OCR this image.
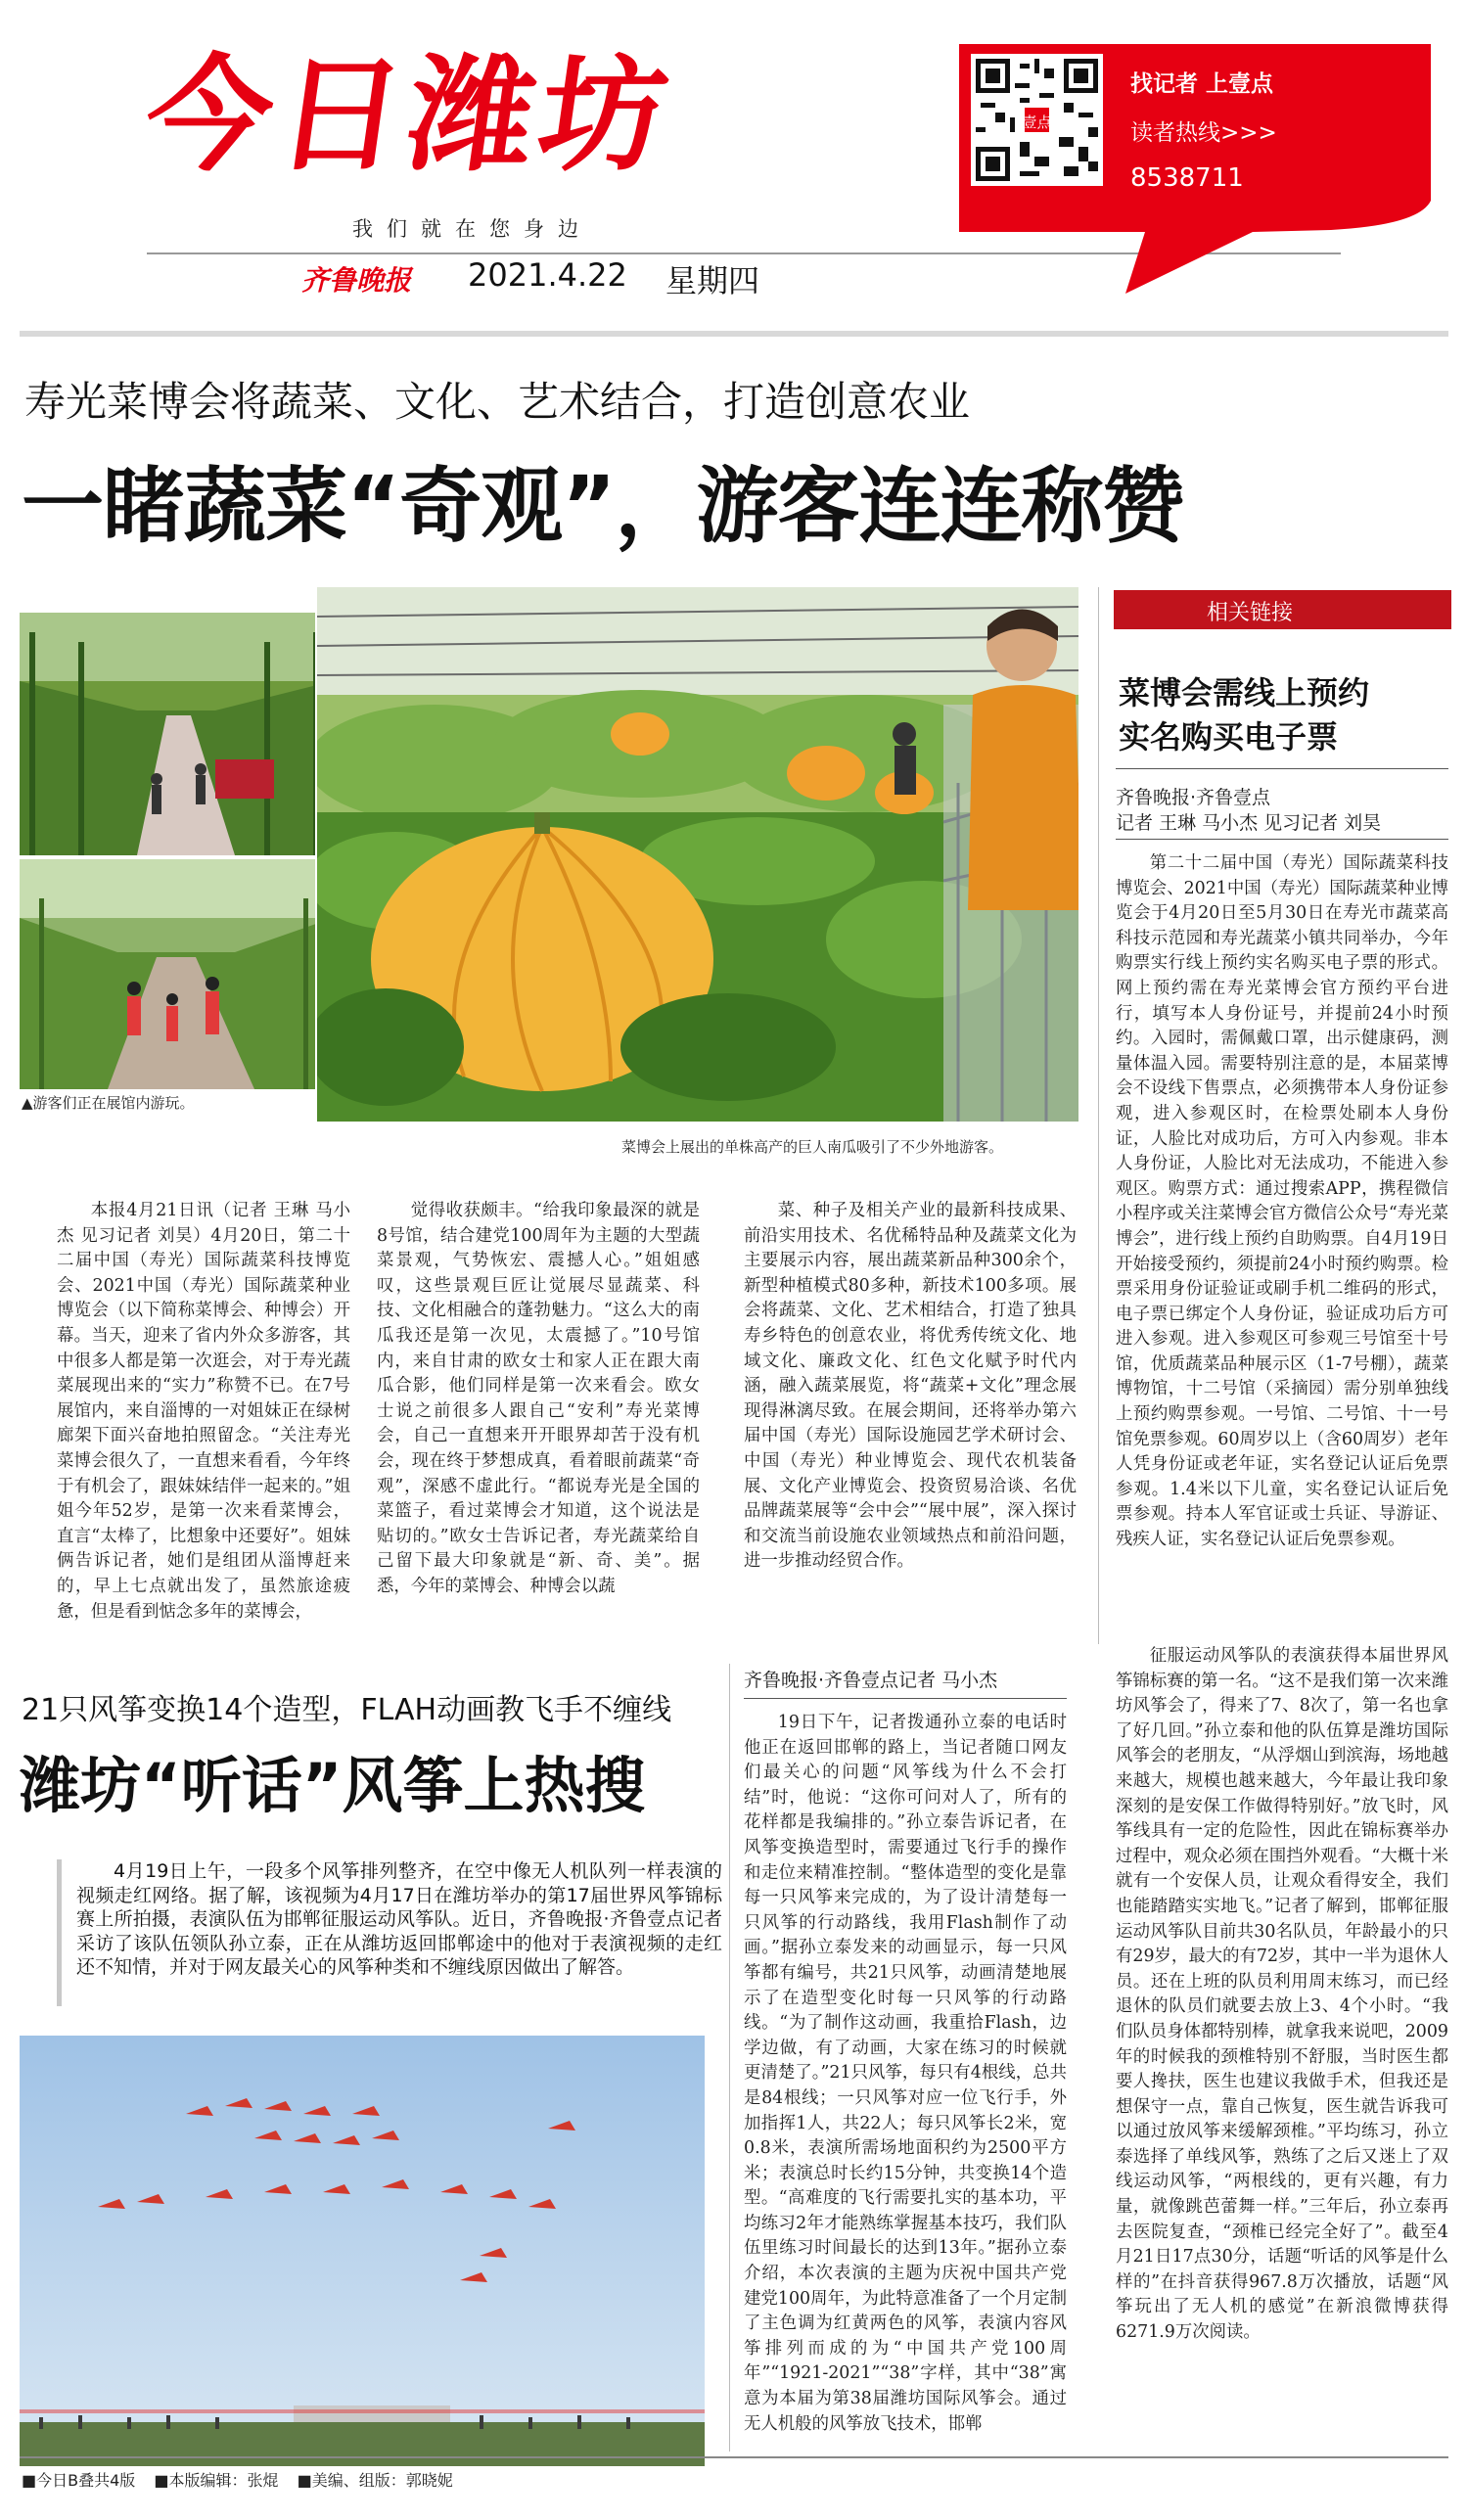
今日潍坊
我们就在您身边
齐鲁晚报 2021.4.22 星期四
壹点
找记者 上壹点
读者热线>>>
8538711
寿光菜博会将蔬菜、文化、艺术结合，打造创意农业
一睹蔬菜“奇观”，游客连连称赞
▲游客们正在展馆内游玩。
菜博会上展出的单株高产的巨人南瓜吸引了不少外地游客。
相关链接
菜博会需线上预约
实名购买电子票
齐鲁晚报·齐鲁壹点
记者 王琳 马小杰 见习记者 刘昊

第二十二届中国（寿光）国际蔬菜科技博览会、2021中国（寿光）国际蔬菜种业博览会于4月20日至5月30日在寿光市蔬菜高科技示范园和寿光蔬菜小镇共同举办，今年购票实行线上预约实名购买电子票的形式。网上预约需在寿光菜博会官方预约平台进行，填写本人身份证号，并提前24小时预约。入园时，需佩戴口罩，出示健康码，测量体温入园。需要特别注意的是，本届菜博会不设线下售票点，必须携带本人身份证参观，进入参观区时，在检票处刷本人身份证，人脸比对成功后，方可入内参观。非本人身份证，人脸比对无法成功，不能进入参观区。购票方式：通过搜索APP，携程微信小程序或关注菜博会官方微信公众号“寿光菜博会”，进行线上预约自助购票。自4月19日开始接受预约，须提前24小时预约购票。检票采用身份证验证或刷手机二维码的形式，电子票已绑定个人身份证，验证成功后方可进入参观。进入参观区可参观三号馆至十号馆，优质蔬菜品种展示区（1-7号棚），蔬菜博物馆，十二号馆（采摘园）需分别单独线上预约购票参观。一号馆、二号馆、十一号馆免票参观。60周岁以上（含60周岁）老年人凭身份证或老年证，实名登记认证后免票参观。1.4米以下儿童，实名登记认证后免票参观。持本人军官证或士兵证、导游证、残疾人证，实名登记认证后免票参观。

本报4月21日讯（记者 王琳 马小杰 见习记者 刘昊）4月20日，第二十二届中国（寿光）国际蔬菜科技博览会、2021中国（寿光）国际蔬菜种业博览会（以下简称菜博会、种博会）开幕。当天，迎来了省内外众多游客，其中很多人都是第一次逛会，对于寿光蔬菜展现出来的“实力”称赞不已。在7号展馆内，来自淄博的一对姐妹正在绿树廊架下面兴奋地拍照留念。“关注寿光菜博会很久了，一直想来看看，今年终于有机会了，跟妹妹结伴一起来的。”姐姐今年52岁，是第一次来看菜博会，直言“太棒了，比想象中还要好”。姐妹俩告诉记者，她们是组团从淄博赶来的，早上七点就出发了，虽然旅途疲惫，但是看到惦念多年的菜博会，

觉得收获颇丰。“给我印象最深的就是8号馆，结合建党100周年为主题的大型蔬菜景观，气势恢宏、震撼人心。”姐姐感叹，这些景观巨匠让觉展尽显蔬菜、科技、文化相融合的蓬勃魅力。“这么大的南瓜我还是第一次见，太震撼了。”10号馆内，来自甘肃的欧女士和家人正在跟大南瓜合影，他们同样是第一次来看会。欧女士说之前很多人跟自己“安利”寿光菜博会，自己一直想来开开眼界却苦于没有机会，现在终于梦想成真，看着眼前蔬菜“奇观”，深感不虚此行。“都说寿光是全国的菜篮子，看过菜博会才知道，这个说法是贴切的。”欧女士告诉记者，寿光蔬菜给自己留下最大印象就是“新、奇、美”。据悉，今年的菜博会、种博会以蔬

菜、种子及相关产业的最新科技成果、前沿实用技术、名优稀特品种及蔬菜文化为主要展示内容，展出蔬菜新品种300余个，新型种植模式80多种，新技术100多项。展会将蔬菜、文化、艺术相结合，打造了独具寿乡特色的创意农业，将优秀传统文化、地域文化、廉政文化、红色文化赋予时代内涵，融入蔬菜展览，将“蔬菜+文化”理念展现得淋漓尽致。在展会期间，还将举办第六届中国（寿光）国际设施园艺学术研讨会、中国（寿光）种业博览会、现代农机装备展、文化产业博览会、投资贸易洽谈、名优品牌蔬菜展等“会中会”“展中展”，深入探讨和交流当前设施农业领域热点和前沿问题，进一步推动经贸合作。

21只风筝变换14个造型，FLAH动画教飞手不缠线
潍坊“听话”风筝上热搜

4月19日上午，一段多个风筝排列整齐，在空中像无人机队列一样表演的视频走红网络。据了解，该视频为4月17日在潍坊举办的第17届世界风筝锦标赛上所拍摄，表演队伍为邯郸征服运动风筝队。近日，齐鲁晚报·齐鲁壹点记者采访了该队伍领队孙立泰，正在从潍坊返回邯郸途中的他对于表演视频的走红还不知情，并对于网友最关心的风筝种类和不缠线原因做出了解答。

齐鲁晚报·齐鲁壹点记者 马小杰

19日下午，记者拨通孙立泰的电话时他正在返回邯郸的路上，当记者随口网友们最关心的问题“风筝线为什么不会打结”时，他说：“这你可问对人了，所有的花样都是我编排的。”孙立泰告诉记者，在风筝变换造型时，需要通过飞行手的操作和走位来精准控制。“整体造型的变化是靠每一只风筝来完成的，为了设计清楚每一只风筝的行动路线，我用Flash制作了动画。”据孙立泰发来的动画显示，每一只风筝都有编号，共21只风筝，动画清楚地展示了在造型变化时每一只风筝的行动路线。“为了制作这动画，我重拾Flash，边学边做，有了动画，大家在练习的时候就更清楚了。”21只风筝，每只有4根线，总共是84根线；一只风筝对应一位飞行手，外加指挥1人，共22人；每只风筝长2米，宽0.8米，表演所需场地面积约为2500平方米；表演总时长约15分钟，共变换14个造型。“高难度的飞行需要扎实的基本功，平均练习2年才能熟练掌握基本技巧，我们队伍里练习时间最长的达到13年。”据孙立泰介绍，本次表演的主题为庆祝中国共产党建党100周年，为此特意准备了一个月定制了主色调为红黄两色的风筝，表演内容风筝排列而成的为“中国共产党100周年”“1921-2021”“38”字样，其中“38”寓意为本届为第38届潍坊国际风筝会。通过无人机般的风筝放飞技术，邯郸

征服运动风筝队的表演获得本届世界风筝锦标赛的第一名。“这不是我们第一次来潍坊风筝会了，得来了7、8次了，第一名也拿了好几回。”孙立泰和他的队伍算是潍坊国际风筝会的老朋友，“从浮烟山到滨海，场地越来越大，规模也越来越大，今年最让我印象深刻的是安保工作做得特别好。”放飞时，风筝线具有一定的危险性，因此在锦标赛举办过程中，观众必须在围挡外观看。“大概十米就有一个安保人员，让观众看得安全，我们也能踏踏实实地飞。”记者了解到，邯郸征服运动风筝队目前共30名队员，年龄最小的只有29岁，最大的有72岁，其中一半为退休人员。还在上班的队员利用周末练习，而已经退休的队员们就要去放上3、4个小时。“我们队员身体都特别棒，就拿我来说吧，2009年的时候我的颈椎特别不舒服，当时医生都要人搀扶，医生也建议我做手术，但我还是想保守一点，靠自己恢复，医生就告诉我可以通过放风筝来缓解颈椎。”平均练习，孙立泰选择了单线风筝，熟练了之后又迷上了双线运动风筝，“两根线的，更有兴趣，有力量，就像跳芭蕾舞一样。”三年后，孙立泰再去医院复查，“颈椎已经完全好了”。截至4月21日17点30分，话题“听话的风筝是什么样的”在抖音获得967.8万次播放，话题“风筝玩出了无人机的感觉”在新浪微博获得6271.9万次阅读。

■今日B叠共4版 ■本版编辑：张焜 ■美编、组版：郭晓妮
